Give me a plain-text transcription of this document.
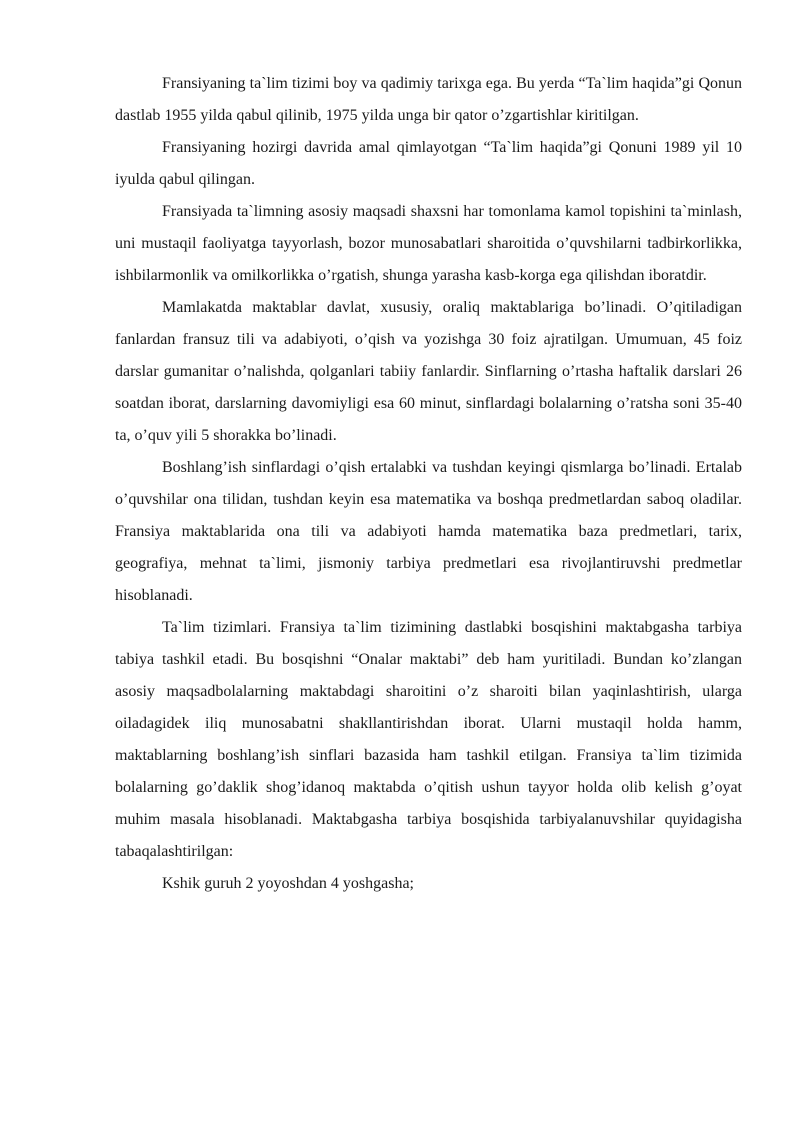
Fransiyaning ta`lim tizimi boy va qadimiy tarixga ega. Bu yerda “Ta`lim haqida”gi Qonun dastlab 1955 yilda qabul qilinib, 1975 yilda unga bir qator o’zgartishlar kiritilgan.

Fransiyaning hozirgi davrida amal qimlayotgan “Ta`lim haqida”gi Qonuni 1989 yil 10 iyulda qabul qilingan.

Fransiyada ta`limning asosiy maqsadi shaxsni har tomonlama kamol topishini ta`minlash, uni mustaqil faoliyatga tayyorlash, bozor munosabatlari sharoitida o’quvshilarni tadbirkorlikka, ishbilarmonlik va omilkorlikka o’rgatish, shunga yarasha kasb-korga ega qilishdan iboratdir.

Mamlakatda maktablar davlat, xususiy, oraliq maktablariga bo’linadi. O’qitiladigan fanlardan fransuz tili va adabiyoti, o’qish va yozishga 30 foiz ajratilgan. Umumuan, 45 foiz darslar gumanitar o’nalishda, qolganlari tabiiy fanlardir. Sinflarning o’rtasha haftalik darslari 26 soatdan iborat, darslarning davomiyligi esa 60 minut, sinflardagi bolalarning o’ratsha soni 35-40 ta, o’quv yili 5 shorakka bo’linadi.

Boshlang’ish sinflardagi o’qish ertalabki va tushdan keyingi qismlarga bo’linadi. Ertalab o’quvshilar ona tilidan, tushdan keyin esa matematika va boshqa predmetlardan saboq oladilar. Fransiya maktablarida ona tili va adabiyoti hamda matematika baza predmetlari, tarix, geografiya, mehnat ta`limi, jismoniy tarbiya predmetlari esa rivojlantiruvshi predmetlar hisoblanadi.

Ta`lim tizimlari. Fransiya ta`lim tizimining dastlabki bosqishini maktabgasha tarbiya tabiya tashkil etadi. Bu bosqishni “Onalar maktabi” deb ham yuritiladi. Bundan ko’zlangan asosiy maqsadbolalarning maktabdagi sharoitini o’z sharoiti bilan yaqinlashtirish, ularga oiladagidek iliq munosabatni shakllantirishdan iborat. Ularni mustaqil holda hamm, maktablarning boshlang’ish sinflari bazasida ham tashkil etilgan. Fransiya ta`lim tizimida bolalarning go’daklik shog’idanoq maktabda o’qitish ushun tayyor holda olib kelish g’oyat muhim masala hisoblanadi. Maktabgasha tarbiya bosqishida tarbiyalanuvshilar quyidagisha tabaqalashtirilgan:

Kshik guruh 2 yoyoshdan 4 yoshgasha;
